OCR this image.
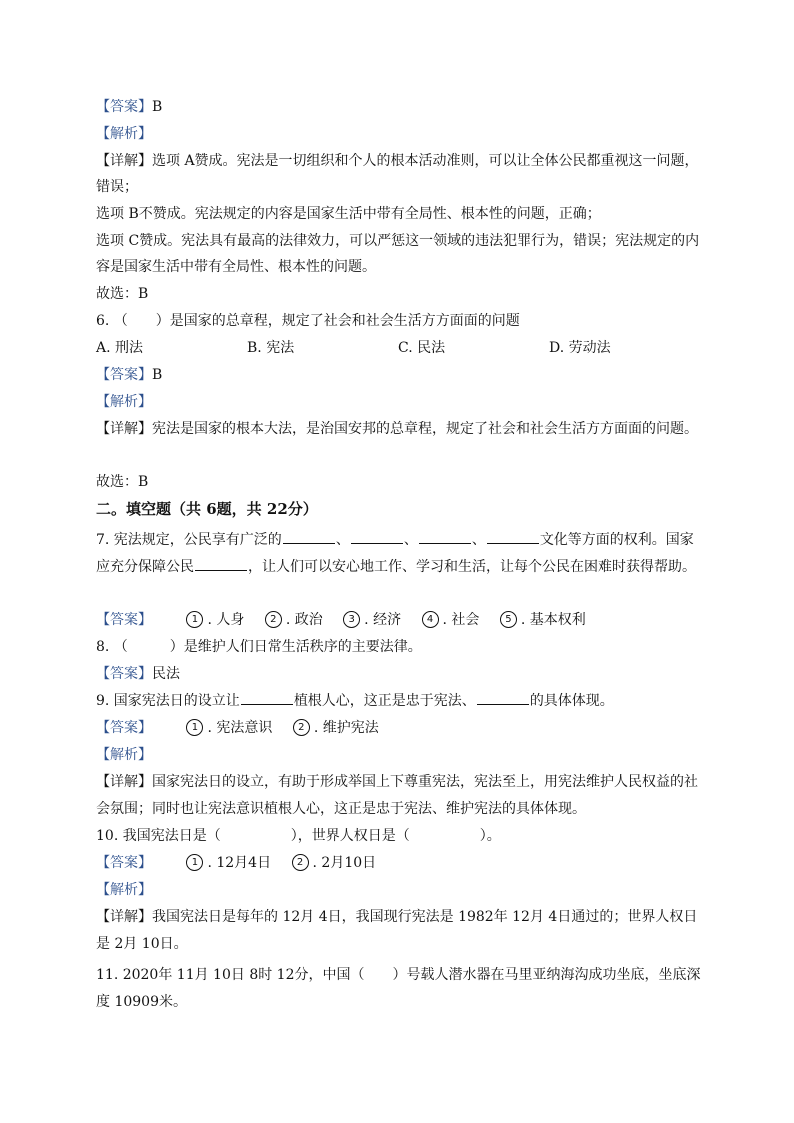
【答案】B
【解析】
【详解】选项 A赞成。宪法是一切组织和个人的根本活动准则，可以让全体公民都重视这一问题，
错误；
选项 B不赞成。宪法规定的内容是国家生活中带有全局性、根本性的问题，正确；
选项 C赞成。宪法具有最高的法律效力，可以严惩这一领域的违法犯罪行为，错误；宪法规定的内
容是国家生活中带有全局性、根本性的问题。
故选：B
6. （　　）是国家的总章程，规定了社会和社会生活方方面面的问题
A. 刑法	B. 宪法	C. 民法	D. 劳动法
【答案】B
【解析】
【详解】宪法是国家的根本大法，是治国安邦的总章程，规定了社会和社会生活方方面面的问题。
故选：B
二。填空题（共 6题，共 22分）
7. 宪法规定，公民享有广泛的	、	、	、	文化等方面的权利。国家
应充分保障公民	，让人们可以安心地工作、学习和生活，让每个公民在困难时获得帮助。
【答案】	1 . 人身	2 . 政治	3 . 经济	4 . 社会	5 . 基本权利
8. （　　　）是维护人们日常生活秩序的主要法律。
【答案】民法
9. 国家宪法日的设立让	植根人心，这正是忠于宪法、	的具体体现。
【答案】	1 . 宪法意识	2 . 维护宪法
【解析】
【详解】国家宪法日的设立，有助于形成举国上下尊重宪法，宪法至上，用宪法维护人民权益的社
会氛围；同时也让宪法意识植根人心，这正是忠于宪法、维护宪法的具体体现。
10. 我国宪法日是（　　　　　），世界人权日是（　　　　　）。
【答案】	1 . 12月4日	2 . 2月10日
【解析】
【详解】我国宪法日是每年的 12月 4日，我国现行宪法是 1982年 12月 4日通过的；世界人权日
是 2月 10日。
11. 2020年 11月 10日 8时 12分，中国（　　）号载人潜水器在马里亚纳海沟成功坐底，坐底深
度 10909米。
